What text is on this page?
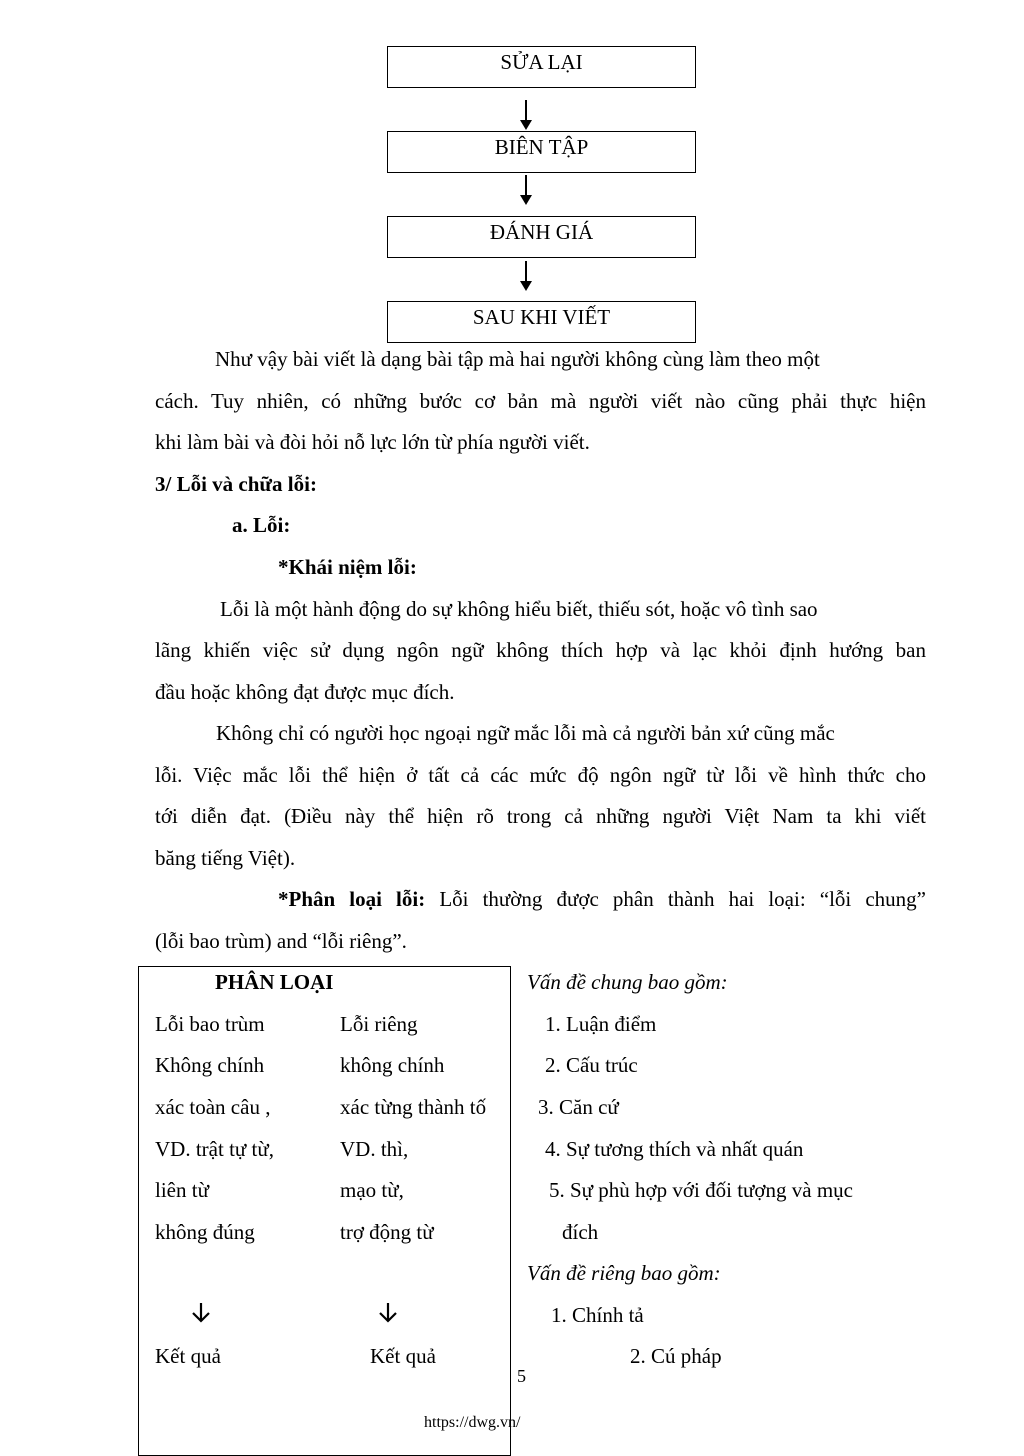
SỬA LẠI
BIÊN TẬP
ĐÁNH GIÁ
SAU KHI VIẾT
Như vậy bài viết là dạng bài tập mà hai người không cùng làm theo một
cách. Tuy nhiên, có những bước cơ bản mà người viết nào cũng phải thực hiện
khi làm bài và đòi hỏi nỗ lực lớn từ phía người viết.
3/ Lỗi và chữa lỗi:
a. Lỗi:
*Khái niệm lỗi:
Lỗi là một hành động do sự không hiểu biết, thiếu sót, hoặc vô tình sao
lãng khiến việc sử dụng ngôn ngữ không thích hợp và lạc khỏi định hướng ban
đầu hoặc không đạt được mục đích.
Không chỉ có người học ngoại ngữ mắc lỗi mà cả người bản xứ cũng mắc
lỗi. Việc mắc lỗi thể hiện ở tất cả các mức độ ngôn ngữ từ lỗi về hình thức cho
tới diễn đạt. (Điều này thể hiện rõ trong cả những người Việt Nam ta khi viết
băng tiếng Việt).
*Phân loại lỗi: Lỗi thường được phân thành hai loại: “lỗi chung”
(lỗi bao trùm) and “lỗi riêng”.
PHÂN LOẠI
Lỗi bao trùm
Không chính
xác toàn câu ,
VD. trật tự từ,
liên từ
không đúng
Lỗi riêng
không chính
xác từng thành tố
VD. thì,
mạo từ,
trợ động từ
Kết quả	Kết quả
Vấn đề chung bao gồm:
1. Luận điểm
2. Cấu trúc
3. Căn cứ
4. Sự tương thích và nhất quán
5. Sự phù hợp với đối tượng và mục
đích
Vấn đề riêng bao gồm:
1. Chính tả
2. Cú pháp
5
https://dwg.vn/
